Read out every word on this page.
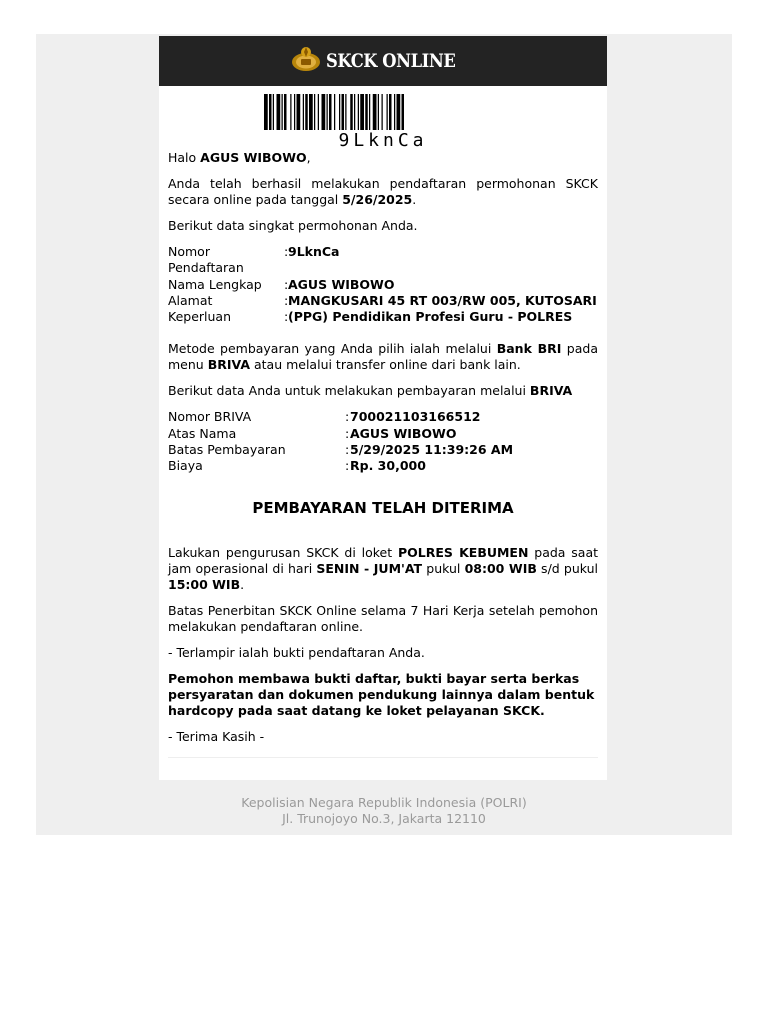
SKCK ONLINE
9LknCa

Halo AGUS WIBOWO,

Anda telah berhasil melakukan pendaftaran permohonan SKCK secara online pada tanggal 5/26/2025.

Berikut data singkat permohonan Anda.

Nomor Pendaftaran
: 9LknCa
Nama Lengkap	: AGUS WIBOWO
Alamat	: MANGKUSARI 45 RT 003/RW 005, KUTOSARI
Keperluan	: (PPG) Pendidikan Profesi Guru - POLRES

Metode pembayaran yang Anda pilih ialah melalui Bank BRI pada menu BRIVA atau melalui transfer online dari bank lain.

Berikut data Anda untuk melakukan pembayaran melalui BRIVA

Nomor BRIVA	: 700021103166512
Atas Nama	: AGUS WIBOWO
Batas Pembayaran	: 5/29/2025 11:39:26 AM
Biaya	: Rp. 30,000
PEMBAYARAN TELAH DITERIMA

Lakukan pengurusan SKCK di loket POLRES KEBUMEN pada saat jam operasional di hari SENIN - JUM'AT pukul 08:00 WIB s/d pukul 15:00 WIB.

Batas Penerbitan SKCK Online selama 7 Hari Kerja setelah pemohon melakukan pendaftaran online.

- Terlampir ialah bukti pendaftaran Anda.

Pemohon membawa bukti daftar, bukti bayar serta berkas persyaratan dan dokumen pendukung lainnya dalam bentuk hardcopy pada saat datang ke loket pelayanan SKCK.

- Terima Kasih -

Kepolisian Negara Republik Indonesia (POLRI)
Jl. Trunojoyo No.3, Jakarta 12110
